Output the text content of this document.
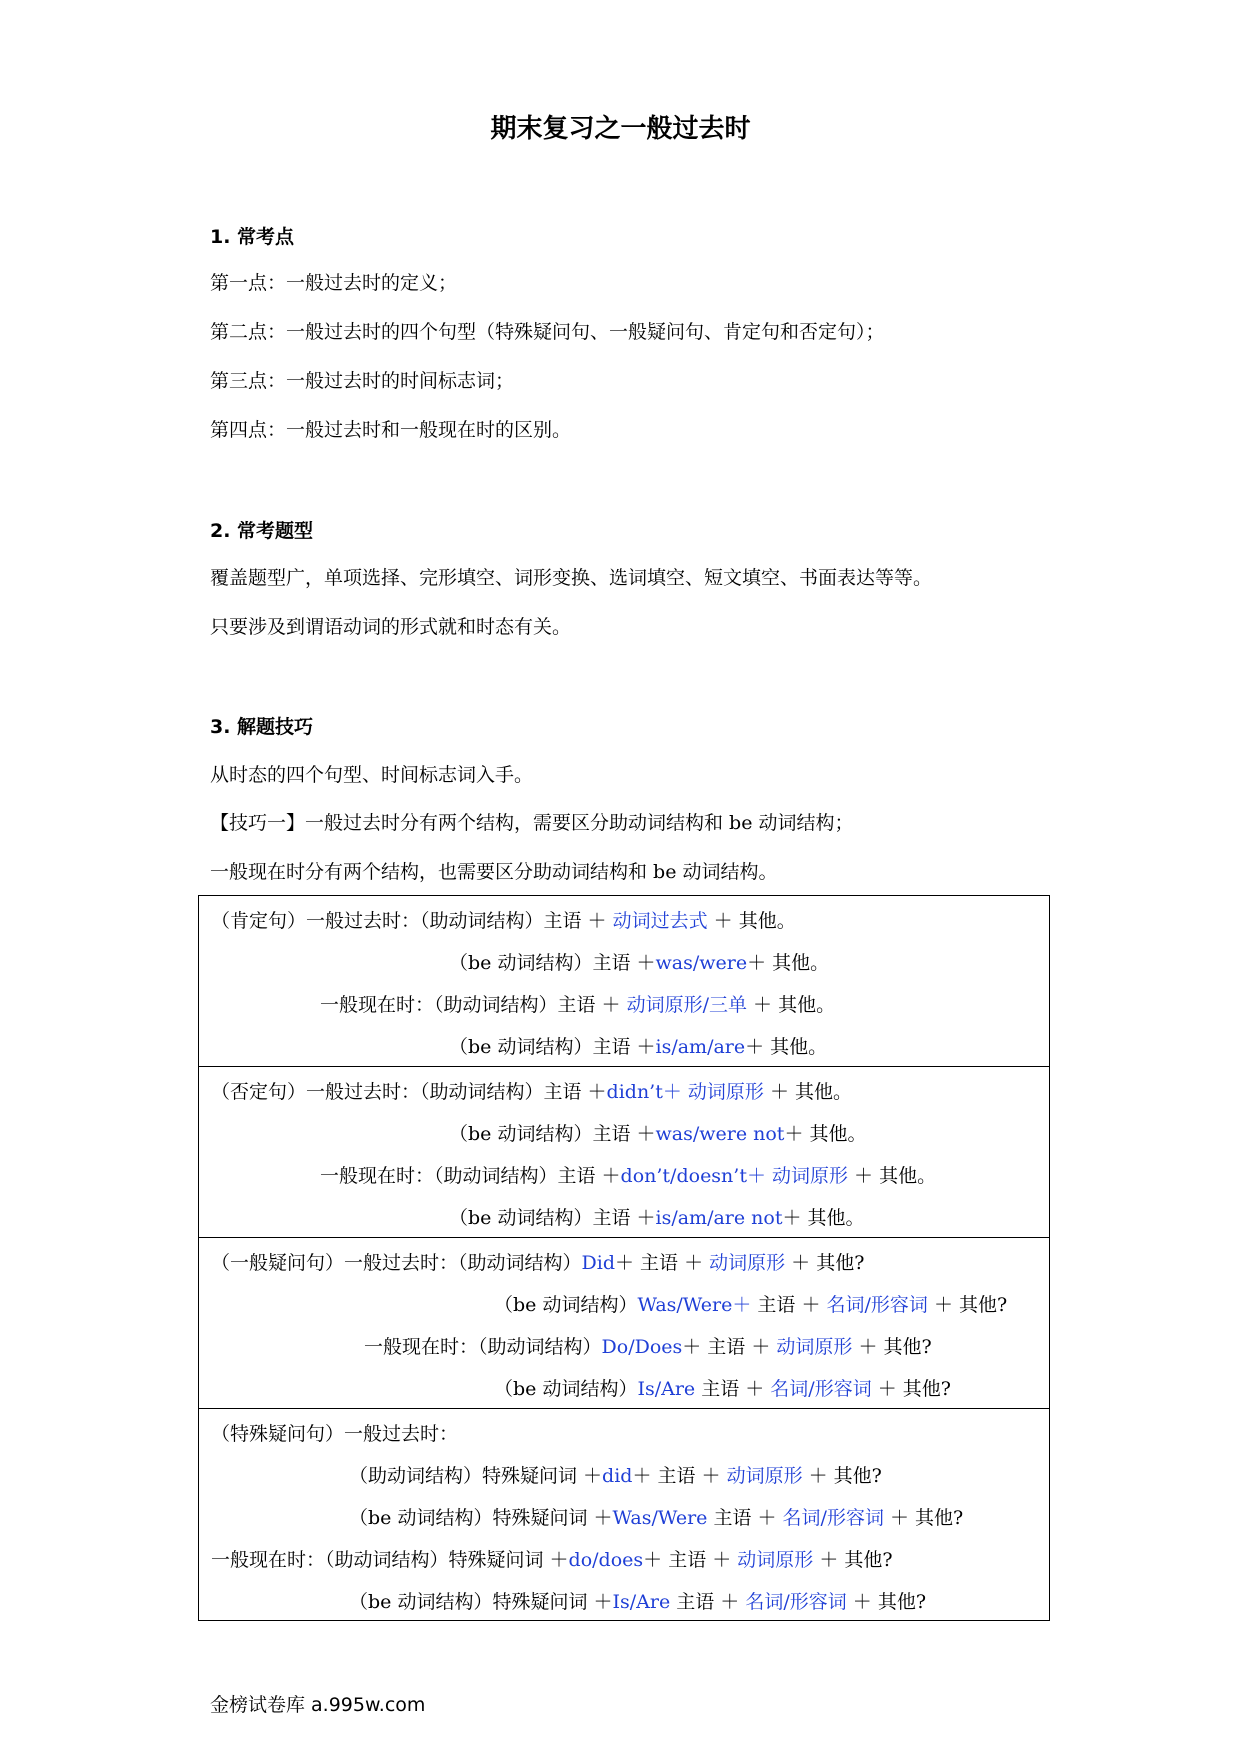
期末复习之一般过去时
1. 常考点
第一点：一般过去时的定义；
第二点：一般过去时的四个句型（特殊疑问句、一般疑问句、肯定句和否定句）；
第三点：一般过去时的时间标志词；
第四点：一般过去时和一般现在时的区别。
2. 常考题型
覆盖题型广，单项选择、完形填空、词形变换、选词填空、短文填空、书面表达等等。
只要涉及到谓语动词的形式就和时态有关。
3. 解题技巧
从时态的四个句型、时间标志词入手。
【技巧一】一般过去时分有两个结构，需要区分助动词结构和 be 动词结构；
一般现在时分有两个结构，也需要区分助动词结构和 be 动词结构。
（肯定句）一般过去时：（助动词结构）主语 ＋ 动词过去式 ＋ 其他。
（be 动词结构）主语 ＋was/were＋ 其他。
一般现在时：（助动词结构）主语 ＋ 动词原形/三单 ＋ 其他。
（be 动词结构）主语 ＋is/am/are＋ 其他。
（否定句）一般过去时：（助动词结构）主语 ＋didn’t＋ 动词原形 ＋ 其他。
（be 动词结构）主语 ＋was/were not＋ 其他。
一般现在时：（助动词结构）主语 ＋don’t/doesn’t＋ 动词原形 ＋ 其他。
（be 动词结构）主语 ＋is/am/are not＋ 其他。
（一般疑问句）一般过去时：（助动词结构）Did＋ 主语 ＋ 动词原形 ＋ 其他?
（be 动词结构）Was/Were＋ 主语 ＋ 名词/形容词 ＋ 其他?
一般现在时：（助动词结构）Do/Does＋ 主语 ＋ 动词原形 ＋ 其他?
（be 动词结构）Is/Are 主语 ＋ 名词/形容词 ＋ 其他?
（特殊疑问句）一般过去时：
（助动词结构）特殊疑问词 ＋did＋ 主语 ＋ 动词原形 ＋ 其他?
（be 动词结构）特殊疑问词 ＋Was/Were 主语 ＋ 名词/形容词 ＋ 其他?
一般现在时：（助动词结构）特殊疑问词 ＋do/does＋ 主语 ＋ 动词原形 ＋ 其他?
（be 动词结构）特殊疑问词 ＋Is/Are 主语 ＋ 名词/形容词 ＋ 其他?
金榜试卷库 a.995w.com
